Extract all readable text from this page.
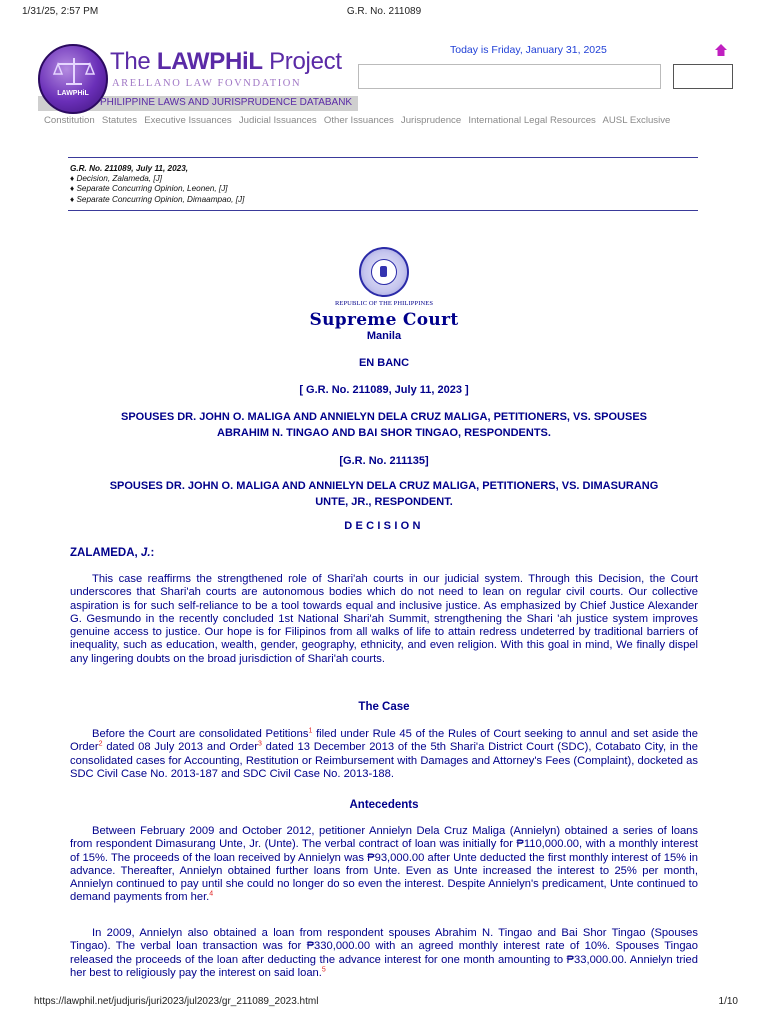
1/31/25, 2:57 PM	G.R. No. 211089
LAWPHiL
The LAWPHiL Project
ARELLANO LAW FOVNDATION
PHILIPPINE LAWS AND JURISPRUDENCE DATABANK
Today is Friday, January 31, 2025
Constitution Statutes Executive Issuances Judicial Issuances Other Issuances Jurisprudence International Legal Resources AUSL Exclusive
G.R. No. 211089, July 11, 2023,
♦ Decision, Zalameda, [J]
♦ Separate Concurring Opinion, Leonen, [J]
♦ Separate Concurring Opinion, Dimaampao, [J]
REPUBLIC OF THE PHILIPPINES
Supreme Court
Manila
EN BANC
[ G.R. No. 211089, July 11, 2023 ]
SPOUSES DR. JOHN O. MALIGA AND ANNIELYN DELA CRUZ MALIGA, PETITIONERS, VS. SPOUSES
ABRAHIM N. TINGAO AND BAI SHOR TINGAO, RESPONDENTS.
[G.R. No. 211135]
SPOUSES DR. JOHN O. MALIGA AND ANNIELYN DELA CRUZ MALIGA, PETITIONERS, VS. DIMASURANG
UNTE, JR., RESPONDENT.
DECISION
ZALAMEDA, J.:
This case reaffirms the strengthened role of Shari'ah courts in our judicial system. Through this Decision, the Court underscores that Shari'ah courts are autonomous bodies which do not need to lean on regular civil courts. Our collective aspiration is for such self-reliance to be a tool towards equal and inclusive justice. As emphasized by Chief Justice Alexander G. Gesmundo in the recently concluded 1st National Shari'ah Summit, strengthening the Shari 'ah justice system improves genuine access to justice. Our hope is for Filipinos from all walks of life to attain redress undeterred by traditional barriers of inequality, such as education, wealth, gender, geography, ethnicity, and even religion. With this goal in mind, We finally dispel any lingering doubts on the broad jurisdiction of Shari'ah courts.
The Case
Before the Court are consolidated Petitions$^1$ filed under Rule 45 of the Rules of Court seeking to annul and set aside the Order$^2$ dated 08 July 2013 and Order$^3$ dated 13 December 2013 of the 5th Shari'a District Court (SDC), Cotabato City, in the consolidated cases for Accounting, Restitution or Reimbursement with Damages and Attorney's Fees (Complaint), docketed as SDC Civil Case No. 2013-187 and SDC Civil Case No. 2013-188.
Antecedents
Between February 2009 and October 2012, petitioner Annielyn Dela Cruz Maliga (Annielyn) obtained a series of loans from respondent Dimasurang Unte, Jr. (Unte). The verbal contract of loan was initially for ₱110,000.00, with a monthly interest of 15%. The proceeds of the loan received by Annielyn was ₱93,000.00 after Unte deducted the first monthly interest of 15% in advance. Thereafter, Annielyn obtained further loans from Unte. Even as Unte increased the interest to 25% per month, Annielyn continued to pay until she could no longer do so even the interest. Despite Annielyn's predicament, Unte continued to demand payments from her.$^4$
In 2009, Annielyn also obtained a loan from respondent spouses Abrahim N. Tingao and Bai Shor Tingao (Spouses Tingao). The verbal loan transaction was for ₱330,000.00 with an agreed monthly interest rate of 10%. Spouses Tingao released the proceeds of the loan after deducting the advance interest for one month amounting to ₱33,000.00. Annielyn tried her best to religiously pay the interest on said loan.$^5$
https://lawphil.net/judjuris/juri2023/jul2023/gr_211089_2023.html	1/10
